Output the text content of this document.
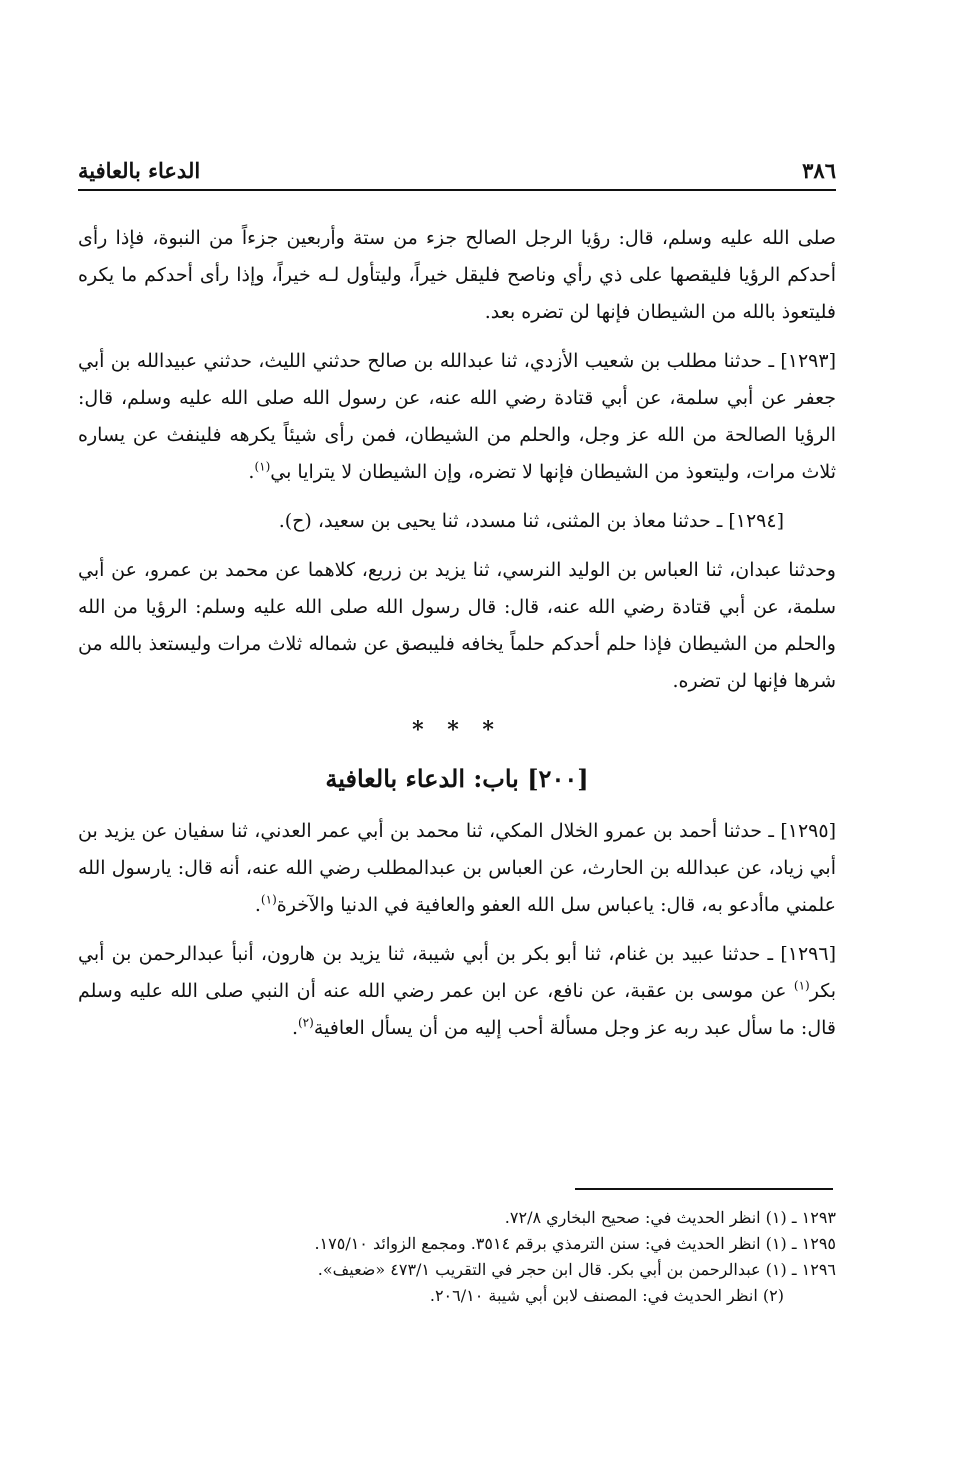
٣٨٦
الدعاء بالعافية

صلى الله عليه وسلم، قال: رؤيا الرجل الصالح جزء من ستة وأربعين جزءاً من النبوة، فإذا رأى أحدكم الرؤيا فليقصها على ذي رأي وناصح فليقل خيراً، وليتأول لـه خيراً، وإذا رأى أحدكم ما يكره فليتعوذ بالله من الشيطان فإنها لن تضره بعد.

[١٢٩٣] ـ حدثنا مطلب بن شعيب الأزدي، ثنا عبدالله بن صالح حدثني الليث، حدثني عبيدالله بن أبي جعفر عن أبي سلمة، عن أبي قتادة رضي الله عنه، عن رسول الله صلى الله عليه وسلم، قال: الرؤيا الصالحة من الله عز وجل، والحلم من الشيطان، فمن رأى شيئاً يكرهه فلينفث عن يساره ثلاث مرات، وليتعوذ من الشيطان فإنها لا تضره، وإن الشيطان لا يترايا بي$^{(١)}$.

[١٢٩٤] ـ حدثنا معاذ بن المثنى، ثنا مسدد، ثنا يحيى بن سعيد، (ح).

وحدثنا عبدان، ثنا العباس بن الوليد النرسي، ثنا يزيد بن زريع، كلاهما عن محمد بن عمرو، عن أبي سلمة، عن أبي قتادة رضي الله عنه، قال: قال رسول الله صلى الله عليه وسلم: الرؤيا من الله والحلم من الشيطان فإذا حلم أحدكم حلماً يخافه فليبصق عن شماله ثلاث مرات وليستعذ بالله من شرها فإنها لن تضره.

* * *
[٢٠٠] باب: الدعاء بالعافية

[١٢٩٥] ـ حدثنا أحمد بن عمرو الخلال المكي، ثنا محمد بن أبي عمر العدني، ثنا سفيان عن يزيد بن أبي زياد، عن عبدالله بن الحارث، عن العباس بن عبدالمطلب رضي الله عنه، أنه قال: يارسول الله علمني ماأدعو به، قال: ياعباس سل الله العفو والعافية في الدنيا والآخرة$^{(١)}$.

[١٢٩٦] ـ حدثنا عبيد بن غنام، ثنا أبو بكر بن أبي شيبة، ثنا يزيد بن هارون، أنبأ عبدالرحمن بن أبي بكر$^{(١)}$ عن موسى بن عقبة، عن نافع، عن ابن عمر رضي الله عنه أن النبي صلى الله عليه وسلم قال: ما سأل عبد ربه عز وجل مسألة أحب إليه من أن يسأل العافية$^{(٢)}$.

١٢٩٣ ـ (١) انظر الحديث في: صحيح البخاري ٧٢/٨.

١٢٩٥ ـ (١) انظر الحديث في: سنن الترمذي برقم ٣٥١٤. ومجمع الزوائد ١٧٥/١٠.

١٢٩٦ ـ (١) عبدالرحمن بن أبي بكر. قال ابن حجر في التقريب ٤٧٣/١ «ضعيف».

(٢) انظر الحديث في: المصنف لابن أبي شيبة ٢٠٦/١٠.
